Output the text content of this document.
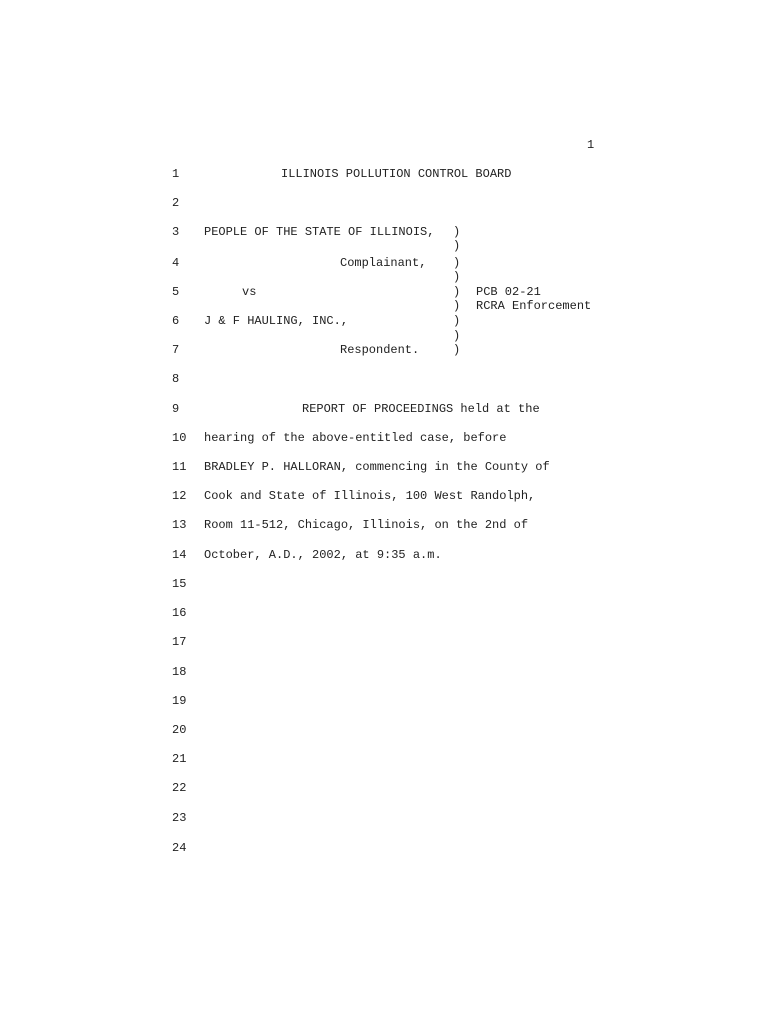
1
1
2
3
4
5
6
7
8
9
10
11
12
13
14
15
16
17
18
19
20
21
22
23
24
ILLINOIS POLLUTION CONTROL BOARD
PEOPLE OF THE STATE OF ILLINOIS,
Complainant,
vs
J & F HAULING, INC.,
Respondent.
)
)
)
)
)
)
)
)
)
PCB 02-21
RCRA Enforcement
REPORT OF PROCEEDINGS held at the
hearing of the above-entitled case, before
BRADLEY P. HALLORAN, commencing in the County of
Cook and State of Illinois, 100 West Randolph,
Room 11-512, Chicago, Illinois, on the 2nd of
October, A.D., 2002, at 9:35 a.m.
